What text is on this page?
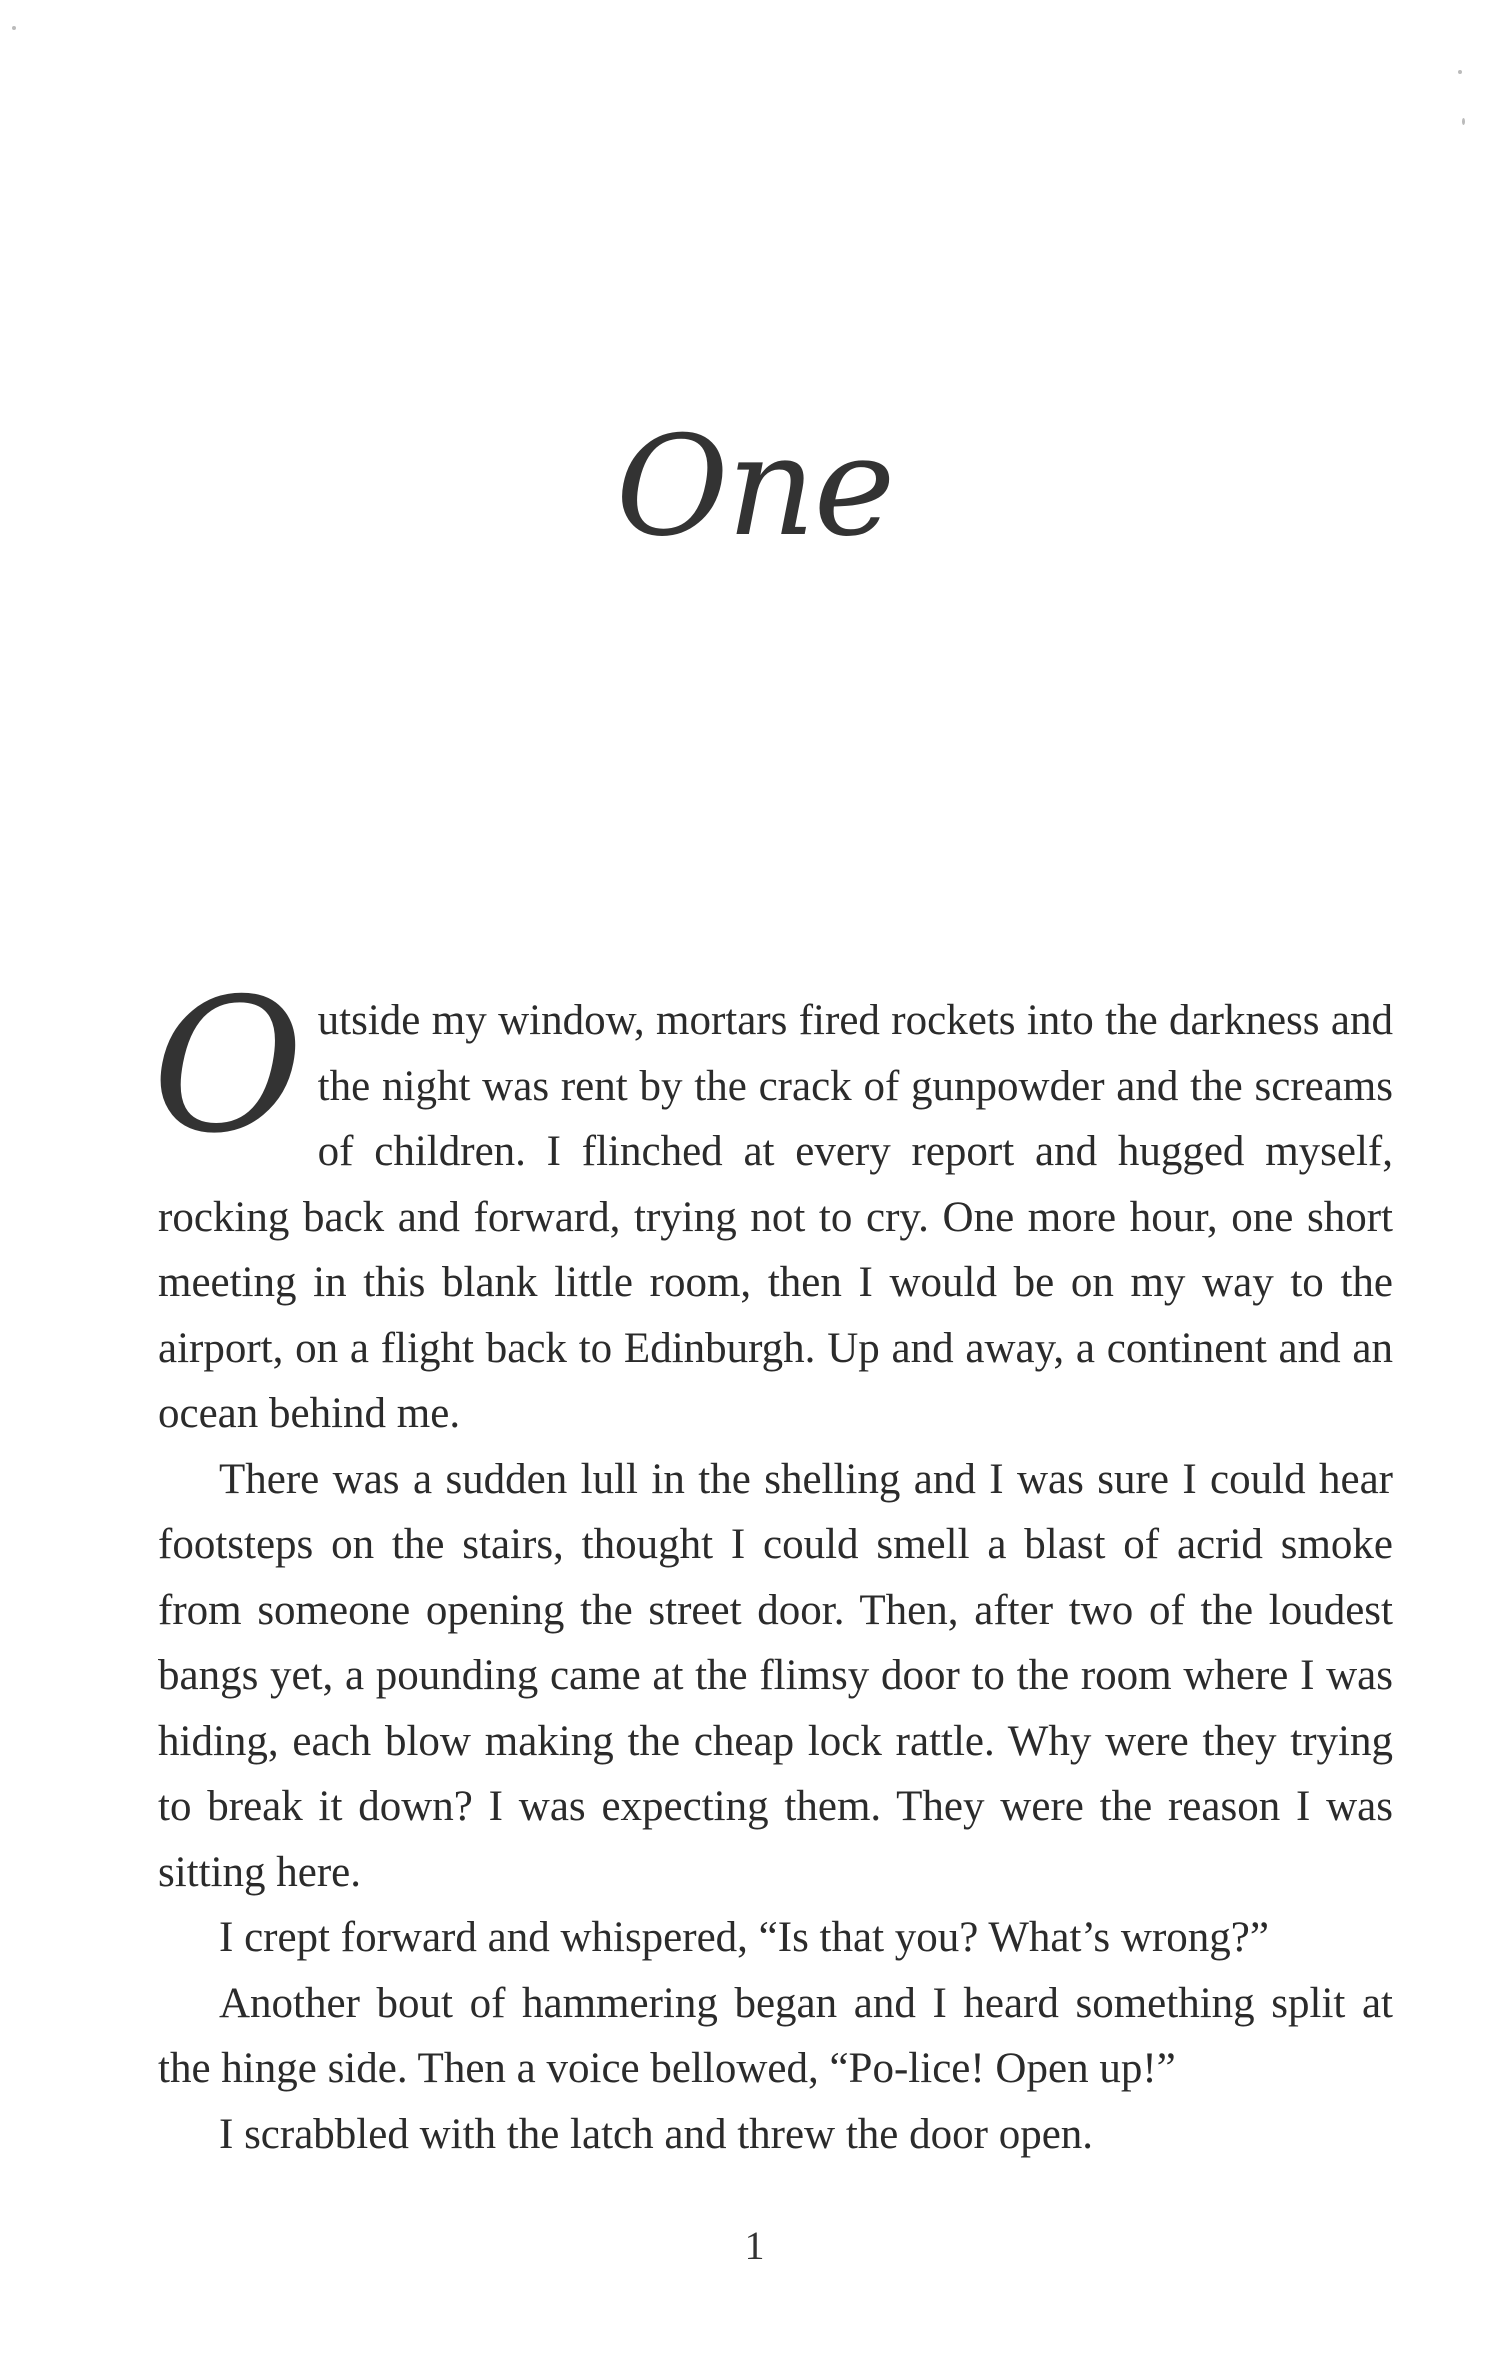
One

Outside my window, mortars fired rockets into the darkness and the night was rent by the crack of gunpowder and the screams of children. I flinched at every report and hugged myself, rocking back and forward, trying not to cry. One more hour, one short meeting in this blank little room, then I would be on my way to the airport, on a flight back to Edinburgh. Up and away, a continent and an ocean behind me.

There was a sudden lull in the shelling and I was sure I could hear footsteps on the stairs, thought I could smell a blast of acrid smoke from someone opening the street door. Then, after two of the loudest bangs yet, a pounding came at the flimsy door to the room where I was hiding, each blow making the cheap lock rattle. Why were they trying to break it down? I was expecting them. They were the reason I was sitting here.

I crept forward and whispered, “Is that you? What’s wrong?”

Another bout of hammering began and I heard something split at the hinge side. Then a voice bellowed, “Po-lice! Open up!”

I scrabbled with the latch and threw the door open.

1
